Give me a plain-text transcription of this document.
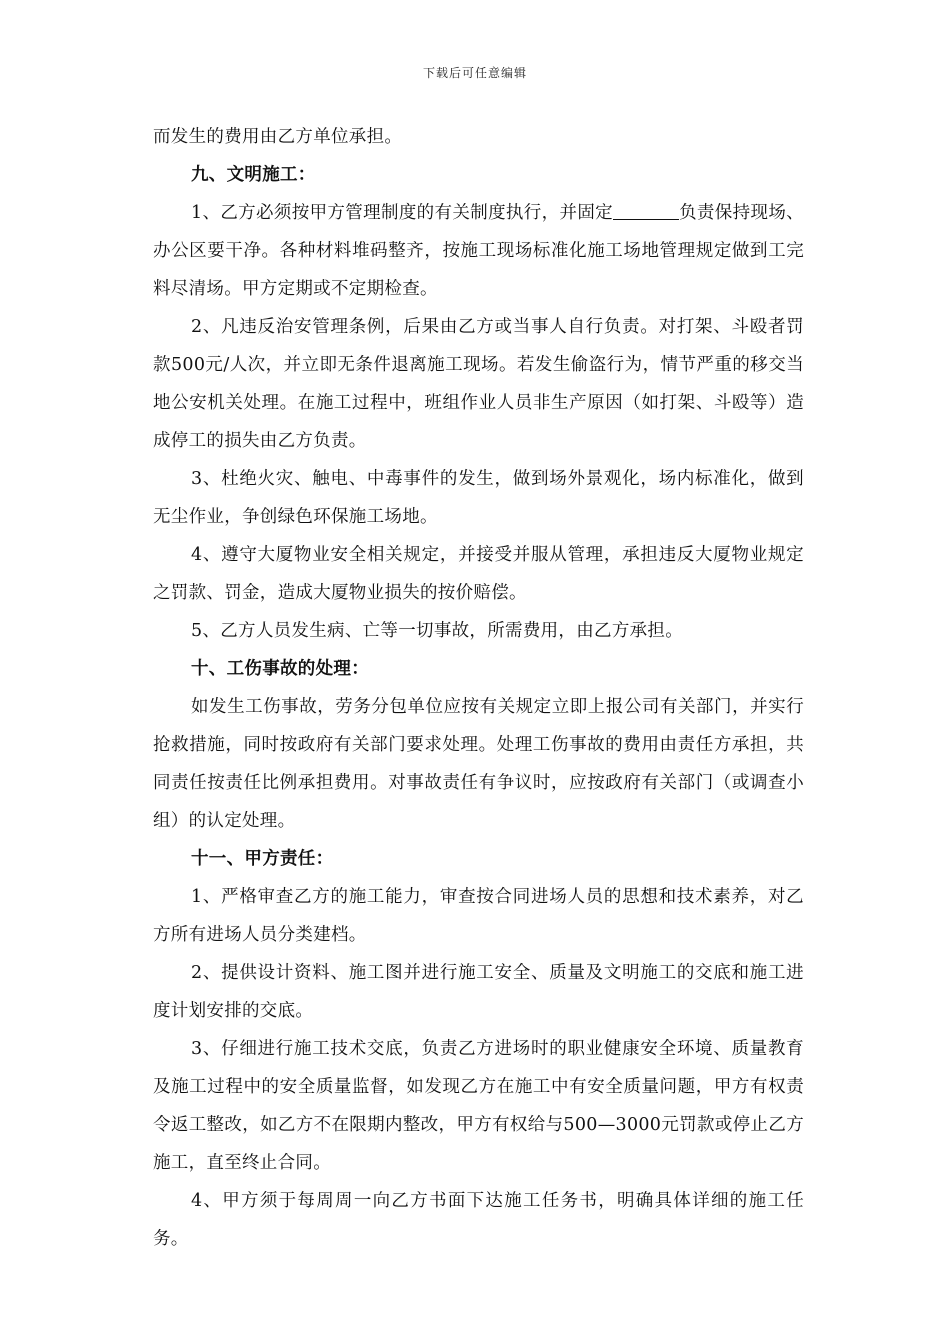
下载后可任意编辑

而发生的费用由乙方单位承担。

九、文明施工：

1、乙方必须按甲方管理制度的有关制度执行，并固定	负责保持现场、办公区要干净。各种材料堆码整齐，按施工现场标准化施工场地管理规定做到工完料尽清场。甲方定期或不定期检查。

2、凡违反治安管理条例，后果由乙方或当事人自行负责。对打架、斗殴者罚款500元/人次，并立即无条件退离施工现场。若发生偷盗行为，情节严重的移交当地公安机关处理。在施工过程中，班组作业人员非生产原因（如打架、斗殴等）造成停工的损失由乙方负责。

3、杜绝火灾、触电、中毒事件的发生，做到场外景观化，场内标准化，做到无尘作业，争创绿色环保施工场地。

4、遵守大厦物业安全相关规定，并接受并服从管理，承担违反大厦物业规定之罚款、罚金，造成大厦物业损失的按价赔偿。

5、乙方人员发生病、亡等一切事故，所需费用，由乙方承担。

十、工伤事故的处理：

如发生工伤事故，劳务分包单位应按有关规定立即上报公司有关部门，并实行抢救措施，同时按政府有关部门要求处理。处理工伤事故的费用由责任方承担，共同责任按责任比例承担费用。对事故责任有争议时，应按政府有关部门（或调查小组）的认定处理。

十一、甲方责任：

1、严格审查乙方的施工能力，审查按合同进场人员的思想和技术素养，对乙方所有进场人员分类建档。

2、提供设计资料、施工图并进行施工安全、质量及文明施工的交底和施工进度计划安排的交底。

3、仔细进行施工技术交底，负责乙方进场时的职业健康安全环境、质量教育及施工过程中的安全质量监督，如发现乙方在施工中有安全质量问题，甲方有权责令返工整改，如乙方不在限期内整改，甲方有权给与500—3000元罚款或停止乙方施工，直至终止合同。

4、甲方须于每周周一向乙方书面下达施工任务书，明确具体详细的施工任务。
